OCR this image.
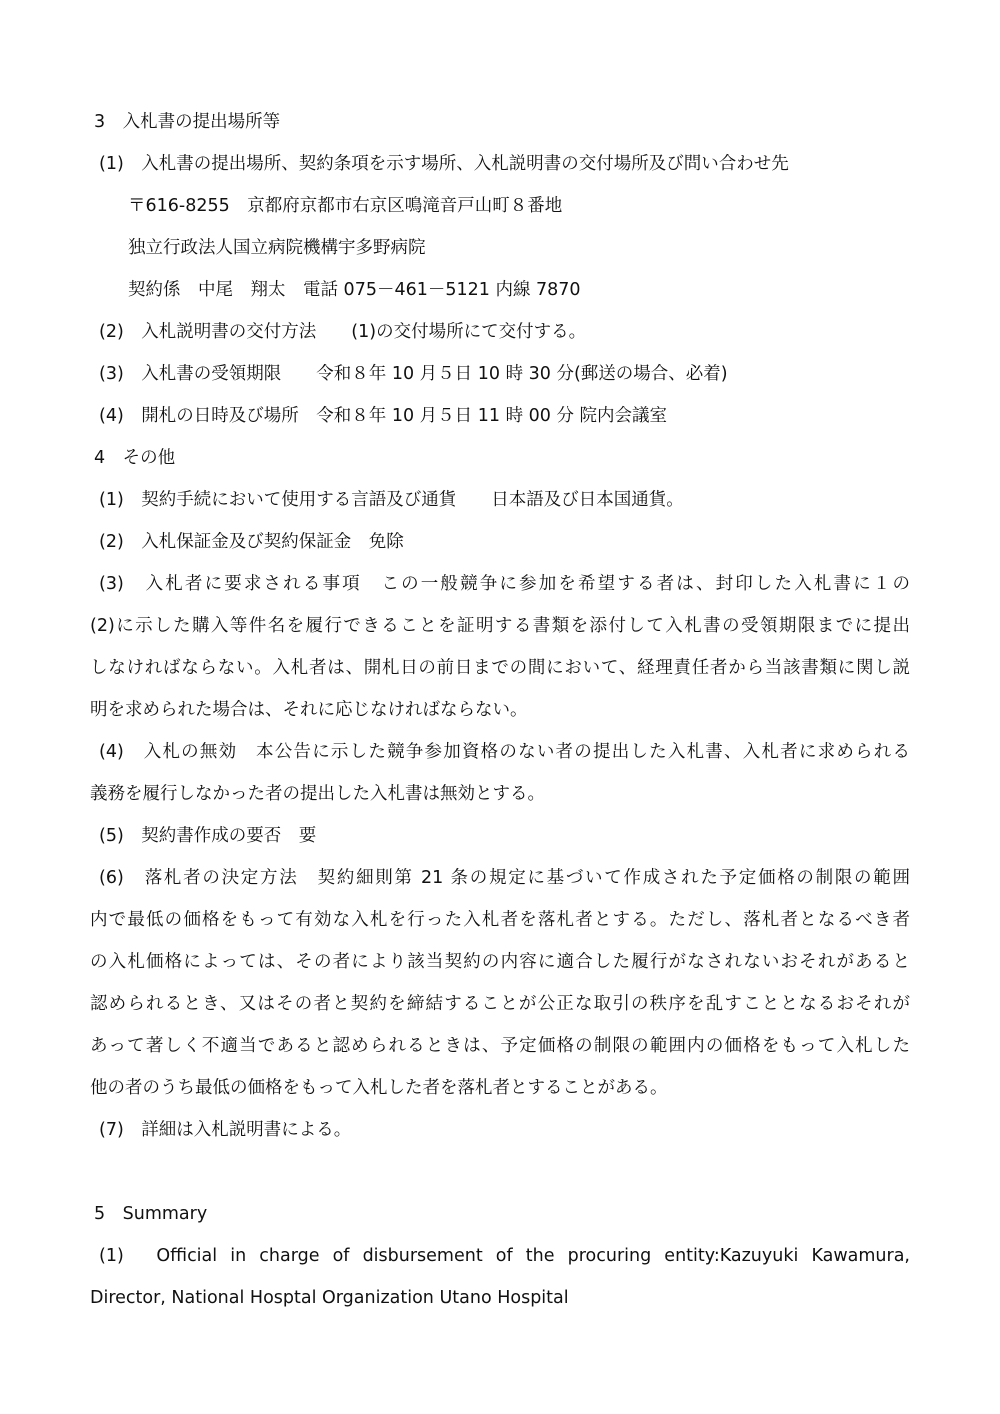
3　入札書の提出場所等
(1)　入札書の提出場所、契約条項を示す場所、入札説明書の交付場所及び問い合わせ先
〒616-8255　京都府京都市右京区鳴滝音戸山町８番地
独立行政法人国立病院機構宇多野病院
契約係　中尾　翔太　電話 075－461－5121 内線 7870
(2)　入札説明書の交付方法　　(1)の交付場所にて交付する。
(3)　入札書の受領期限　　令和８年 10 月５日 10 時 30 分(郵送の場合、必着)
(4)　開札の日時及び場所　令和８年 10 月５日 11 時 00 分 院内会議室
4　その他
(1)　契約手続において使用する言語及び通貨　　日本語及び日本国通貨。
(2)　入札保証金及び契約保証金　免除
(3)　入札者に要求される事項　この一般競争に参加を希望する者は、封印した入札書に１の
(2)に示した購入等件名を履行できることを証明する書類を添付して入札書の受領期限までに提出
しなければならない。入札者は、開札日の前日までの間において、経理責任者から当該書類に関し説
明を求められた場合は、それに応じなければならない。
(4)　入札の無効　本公告に示した競争参加資格のない者の提出した入札書、入札者に求められる
義務を履行しなかった者の提出した入札書は無効とする。
(5)　契約書作成の要否　要
(6)　落札者の決定方法　契約細則第 21 条の規定に基づいて作成された予定価格の制限の範囲
内で最低の価格をもって有効な入札を行った入札者を落札者とする。ただし、落札者となるべき者
の入札価格によっては、その者により該当契約の内容に適合した履行がなされないおそれがあると
認められるとき、又はその者と契約を締結することが公正な取引の秩序を乱すこととなるおそれが
あって著しく不適当であると認められるときは、予定価格の制限の範囲内の価格をもって入札した
他の者のうち最低の価格をもって入札した者を落札者とすることがある。
(7)　詳細は入札説明書による。
5　Summary
(1)　Official in charge of disbursement of the procuring entity:Kazuyuki Kawamura,
Director, National Hosptal Organization Utano Hospital
